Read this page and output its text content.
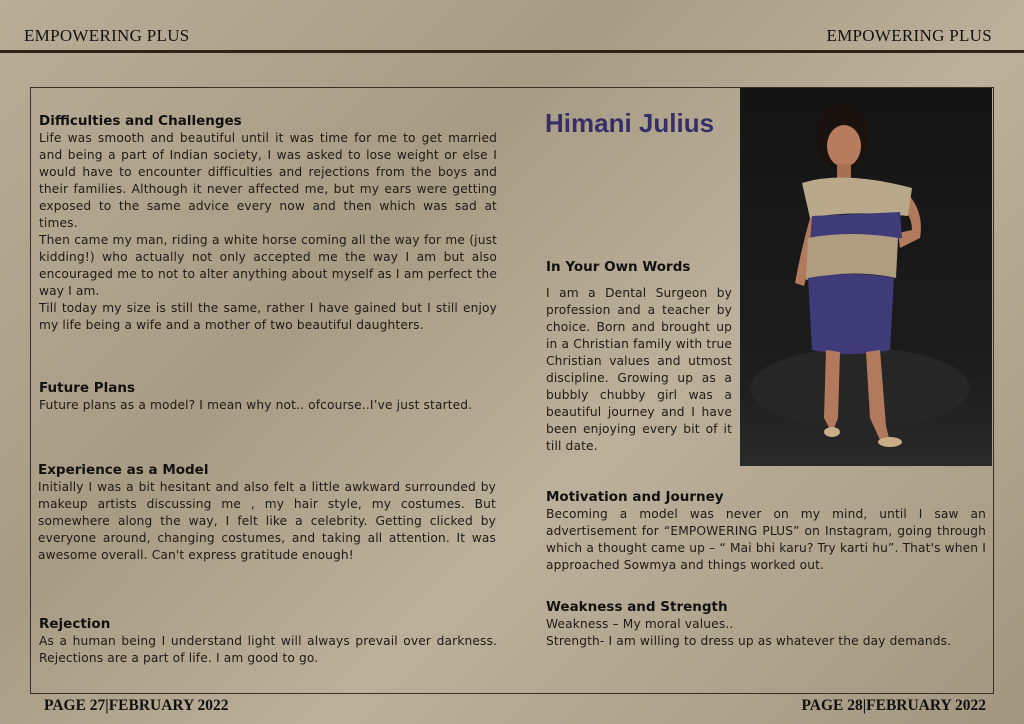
EMPOWERING PLUS	EMPOWERING PLUS
Difficulties and Challenges

Life was smooth and beautiful until it was time for me to get married and being a part of Indian society, I was asked to lose weight or else I would have to encounter difficulties and rejections from the boys and their families. Although it never affected me, but my ears were getting exposed to the same advice every now and then which was sad at times.

Then came my man, riding a white horse coming all the way for me (just kidding!) who actually not only accepted me the way I am but also encouraged me to not to alter anything about myself as I am perfect the way I am.

Till today my size is still the same, rather I have gained but I still enjoy my life being a wife and a mother of two beautiful daughters.

Future Plans

Future plans as a model? I mean why not.. ofcourse..I’ve just started.

Experience as a Model

Initially I was a bit hesitant and also felt a little awkward surrounded by makeup artists discussing me , my hair style, my costumes. But somewhere along the way, I felt like a celebrity. Getting clicked by everyone around, changing costumes, and taking all attention. It was awesome overall. Can't express gratitude enough!

Rejection

As a human being I understand light will always prevail over darkness. Rejections are a part of life. I am good to go.

Himani Julius
In Your Own Words

I am a Dental Surgeon by profession and a teacher by choice. Born and brought up in a Christian family with true Christian values and utmost discipline. Growing up as a bubbly chubby girl was a beautiful journey and I have been enjoying every bit of it till date.

Motivation and Journey

Becoming a model was never on my mind, until I saw an advertisement for “EMPOWERING PLUS” on Instagram, going through which a thought came up – “ Mai bhi karu? Try karti hu”. That's when I approached Sowmya and things worked out.

Weakness and Strength

Weakness – My moral values..

Strength- I am willing to dress up as whatever the day demands.

PAGE 27|FEBRUARY 2022	PAGE 28|FEBRUARY 2022
